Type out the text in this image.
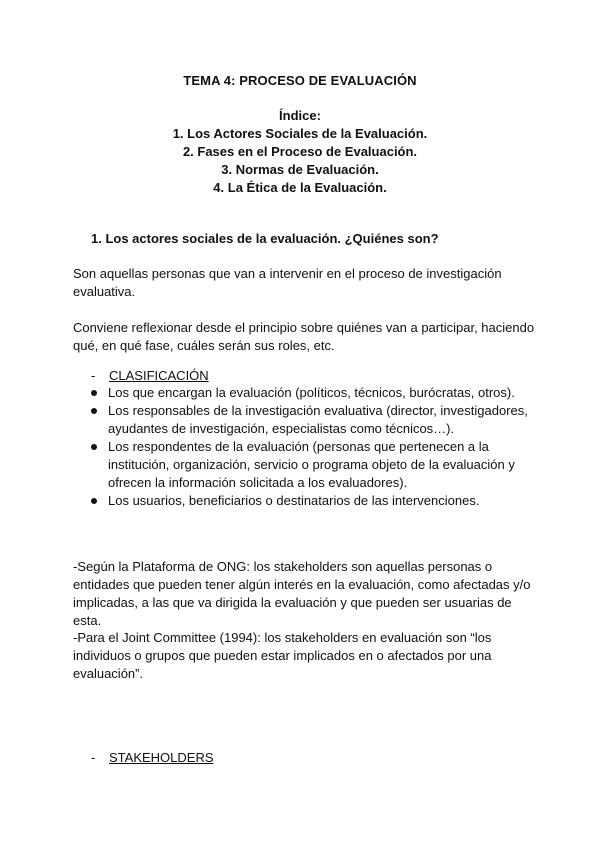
TEMA 4: PROCESO DE EVALUACIÓN
Índice:
1. Los Actores Sociales de la Evaluación.
2. Fases en el Proceso de Evaluación.
3. Normas de Evaluación.
4. La Ética de la Evaluación.
1. Los actores sociales de la evaluación. ¿Quiénes son?

Son aquellas personas que van a intervenir en el proceso de investigación evaluativa.

Conviene reflexionar desde el principio sobre quiénes van a participar, haciendo qué, en qué fase, cuáles serán sus roles, etc.

- CLASIFICACIÓN
Los que encargan la evaluación (políticos, técnicos, burócratas, otros).
Los responsables de la investigación evaluativa (director, investigadores, ayudantes de investigación, especialistas como técnicos…).
Los respondentes de la evaluación (personas que pertenecen a la institución, organización, servicio o programa objeto de la evaluación y ofrecen la información solicitada a los evaluadores).
Los usuarios, beneficiarios o destinatarios de las intervenciones.

-Según la Plataforma de ONG: los stakeholders son aquellas personas o entidades que pueden tener algún interés en la evaluación, como afectadas y/o implicadas, a las que va dirigida la evaluación y que pueden ser usuarias de esta.

-Para el Joint Committee (1994): los stakeholders en evaluación son “los individuos o grupos que pueden estar implicados en o afectados por una evaluación”.

- STAKEHOLDERS
